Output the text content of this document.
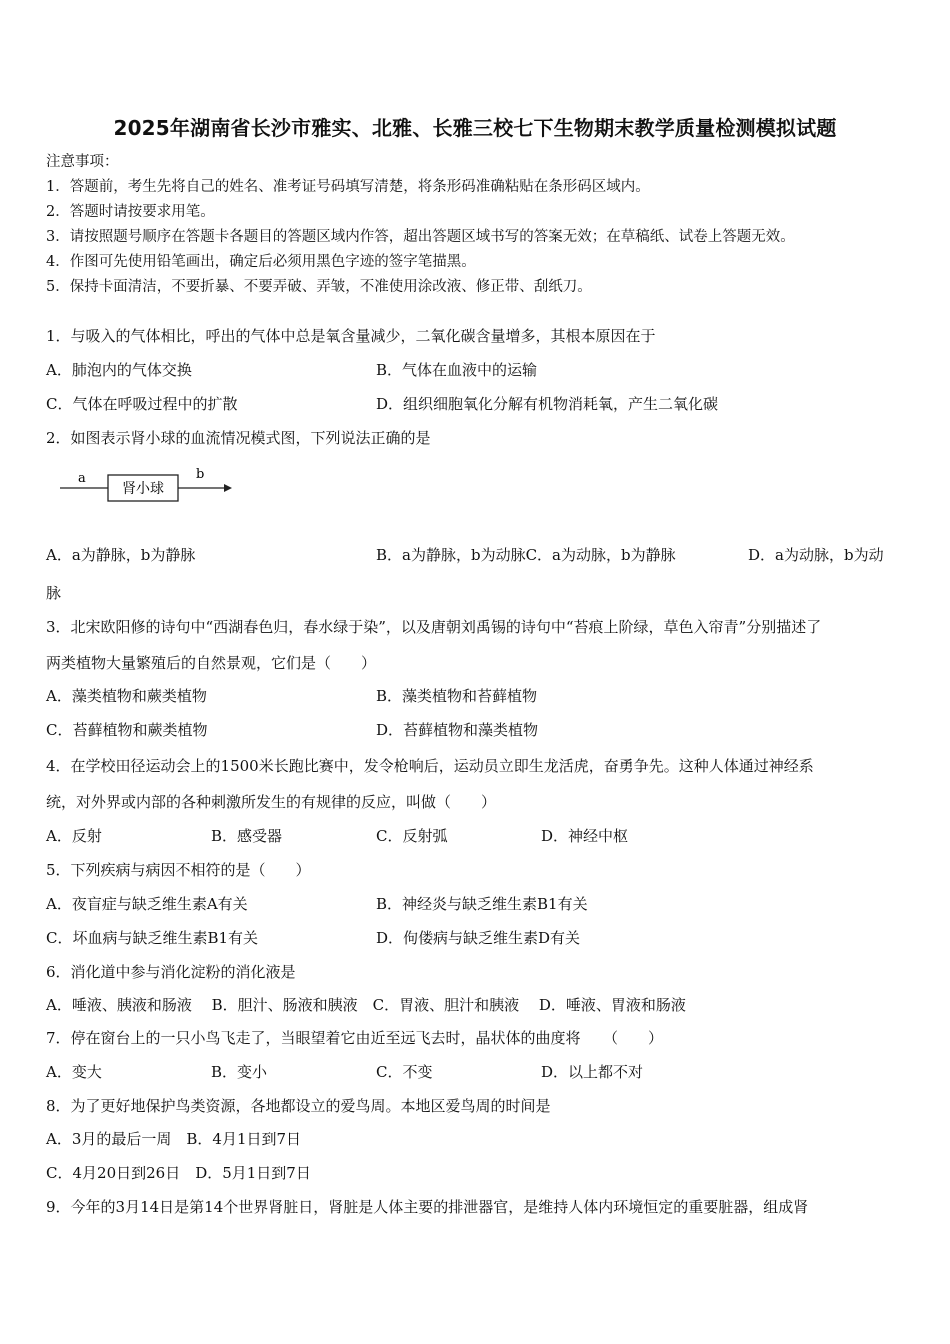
2025年湖南省长沙市雅实、北雅、长雅三校七下生物期末教学质量检测模拟试题
注意事项：
1．答题前，考生先将自己的姓名、准考证号码填写清楚，将条形码准确粘贴在条形码区域内。
2．答题时请按要求用笔。
3．请按照题号顺序在答题卡各题目的答题区域内作答，超出答题区域书写的答案无效；在草稿纸、试卷上答题无效。
4．作图可先使用铅笔画出，确定后必须用黑色字迹的签字笔描黑。
5．保持卡面清洁，不要折暴、不要弄破、弄皱，不准使用涂改液、修正带、刮纸刀。
1．与吸入的气体相比，呼出的气体中总是氧含量减少，二氧化碳含量增多，其根本原因在于
A．肺泡内的气体交换	B．气体在血液中的运输
C．气体在呼吸过程中的扩散	D．组织细胞氧化分解有机物消耗氧，产生二氧化碳
2．如图表示肾小球的血流情况模式图，下列说法正确的是
a
肾小球
b
A．a为静脉，b为静脉	B．a为静脉，b为动脉C．a为动脉，b为静脉	D．a为动脉，b为动
脉
3．北宋欧阳修的诗句中“西湖春色归，春水绿于染”，以及唐朝刘禹锡的诗句中“苔痕上阶绿，草色入帘青”分别描述了
两类植物大量繁殖后的自然景观，它们是（　　）
A．藻类植物和蕨类植物	B．藻类植物和苔藓植物
C．苔藓植物和蕨类植物	D．苔藓植物和藻类植物
4．在学校田径运动会上的1500米长跑比赛中，发令枪响后，运动员立即生龙活虎，奋勇争先。这种人体通过神经系
统，对外界或内部的各种刺激所发生的有规律的反应，叫做（　　）
A．反射	B．感受器	C．反射弧	D．神经中枢
5．下列疾病与病因不相符的是（　　）
A．夜盲症与缺乏维生素A有关	B．神经炎与缺乏维生素B1有关
C．坏血病与缺乏维生素B1有关	D．佝偻病与缺乏维生素D有关
6．消化道中参与消化淀粉的消化液是
A．唾液、胰液和肠液　 B．胆汁、肠液和胰液　C．胃液、胆汁和胰液　 D．唾液、胃液和肠液
7．停在窗台上的一只小鸟飞走了，当眼望着它由近至远飞去时，晶状体的曲度将　　（　　）
A．变大	B．变小	C．不变	D．以上都不对
8．为了更好地保护鸟类资源，各地都设立的爱鸟周。本地区爱鸟周的时间是
A．3月的最后一周　B．4月1日到7日
C．4月20日到26日　D．5月1日到7日
9．今年的3月14日是第14个世界肾脏日，肾脏是人体主要的排泄器官，是维持人体内环境恒定的重要脏器，组成肾
